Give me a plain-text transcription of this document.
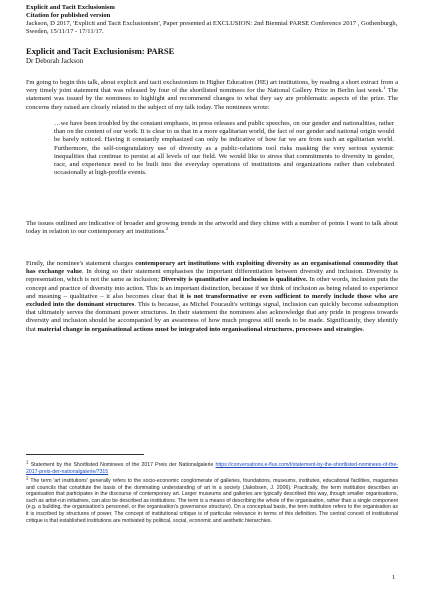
Explicit and Tacit Exclusionism
Citation for published version
Jackson, D 2017, 'Explicit and Tacit Exclusionism', Paper presented at EXCLUSION: 2nd Biennial PARSE Conference 2017 , Gothenburgh, Sweden, 15/11/17 - 17/11/17.
Explicit and Tacit Exclusionism: PARSE
Dr Deborah Jackson
I'm going to begin this talk, about explicit and tacit exclusionism in Higher Education (HE) art institutions, by reading a short extract from a very timely joint statement that was released by four of the shortlisted nominees for the National Gallery Prize in Berlin last week.$^1$ The statement was issued by the nominees to highlight and recommend changes to what they say are problematic aspects of the prize. The concerns they raised are closely related to the subject of my talk today. The nominees wrote:
…we have been troubled by the constant emphasis, in press releases and public speeches, on our gender and nationalities, rather than on the content of our work. It is clear to us that in a more egalitarian world, the fact of our gender and national origin would be barely noticed. Having it constantly emphasized can only be indicative of how far we are from such an egalitarian world. Furthermore, the self-congratulatory use of diversity as a public-relations tool risks masking the very serious systemic inequalities that continue to persist at all levels of our field. We would like to stress that commitments to diversity in gender, race, and experience need to be built into the everyday operations of institutions and organizations rather than celebrated occasionally at high-profile events.
The issues outlined are indicative of broader and growing trends in the artworld and they chime with a number of points I want to talk about today in relation to our contemporary art institutions.$^2$
Firstly, the nominee's statement charges contemporary art institutions with exploiting diversity as an organisational commodity that has exchange value. In doing so their statement emphasises the important differentiation between diversity and inclusion. Diversity is representation, which is not the same as inclusion; Diversity is quantitative and inclusion is qualitative. In other words, inclusion puts the concept and practice of diversity into action. This is an important distinction, because if we think of inclusion as being related to experience and meaning – qualitative – it also becomes clear that it is not transformative or even sufficient to merely include those who are excluded into the dominant structures. This is because, as Michel Foucault's writings signal, inclusion can quickly become subsumption that ultimately serves the dominant power structures. In their statement the nominees also acknowledge that any pride in progress towards diversity and inclusion should be accompanied by an awareness of how much progress still needs to be made. Significantly, they identify that material change in organisational actions must be integrated into organisational structures, processes and strategies.
$^1$ Statement by the Shortlisted Nominees of the 2017 Preis der Nationalgalerie https://conversations.e-flux.com/t/statement-by-the-shortlisted-nominees-of-the-2017-preis-der-nationalgalerie/7315
$^2$ The term 'art institutions' generally refers to the socio-economic conglomerate of galleries, foundations, museums, institutes, educational facilities, magazines and councils that constitute the basis of the dominating understanding of art in a society (Jakobsen, J. 2006). Practically, the term institution describes an organisation that participates in the discourse of contemporary art. Larger museums and galleries are typically described this way, though smaller organisations, such as artist-run initiatives, can also be described as institutions. The term is a means of describing the whole of the organisation, rather than a single component (e.g. a building, the organisation's personnel, or the organisation's governance structure). On a conceptual basis, the term institution refers to the organisation as it is inscribed by structures of power. The concept of institutional critique is of particular relevance in terms of this definition. The central conceit of institutional critique is that established institutions are motivated by political, social, economic and aesthetic hierarchies.
1
